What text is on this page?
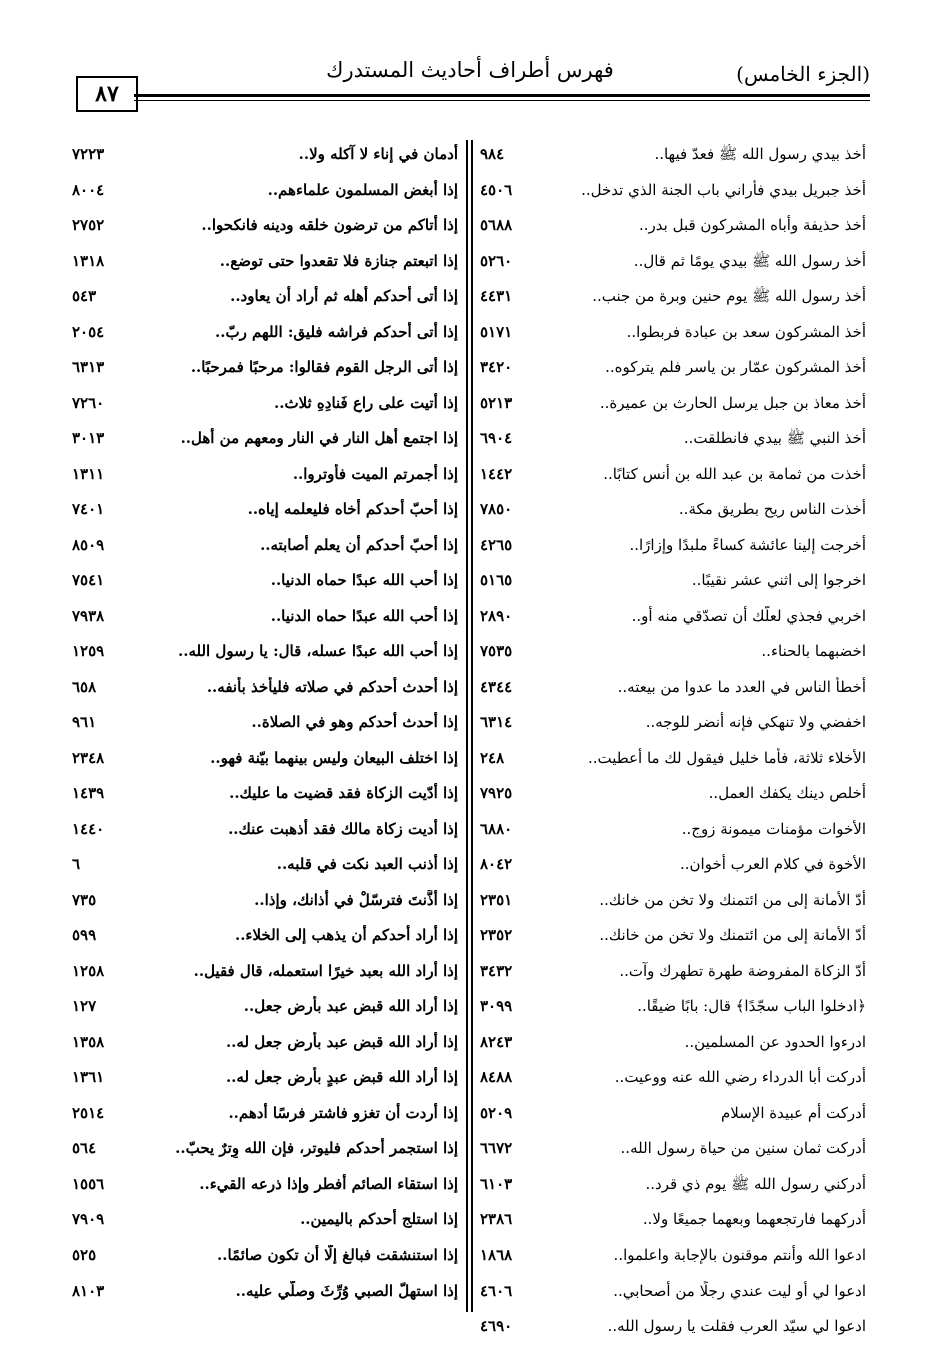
٨٧
فهرس أطراف أحاديث المستدرك	(الجزء الخامس)
أخذ بيدي رسول الله ﷺ فعدّ فيها..
٩٨٤
أخذ جبريل بيدي فأراني باب الجنة الذي تدخل..
٤٥٠٦
أخذ حذيفة وأباه المشركون قبل بدر..
٥٦٨٨
أخذ رسول الله ﷺ بيدي يومًا ثم قال..
٥٢٦٠
أخذ رسول الله ﷺ يوم حنين وبرة من جنب..
٤٤٣١
أخذ المشركون سعد بن عبادة فربطوا..
٥١٧١
أخذ المشركون عمّار بن ياسر فلم يتركوه..
٣٤٢٠
أخذ معاذ بن جبل يرسل الحارث بن عميرة..
٥٢١٣
أخذ النبي ﷺ بيدي فانطلقت..
٦٩٠٤
أخذت من ثمامة بن عبد الله بن أنس كتابًا..
١٤٤٢
أخذت الناس ريح بطريق مكة..
٧٨٥٠
أخرجت إلينا عائشة كساءً ملبدًا وإزارًا..
٤٢٦٥
اخرجوا إلى اثني عشر نقيبًا..
٥١٦٥
اخربي فجذي لعلّك أن تصدّقي منه أو..
٢٨٩٠
اخضبهما بالحناء..
٧٥٣٥
أخطأ الناس في العدد ما عدوا من بيعته..
٤٣٤٤
اخفضي ولا تنهكي فإنه أنضر للوجه..
٦٣١٤
الأخلاء ثلاثة، فأما خليل فيقول لك ما أعطيت..
٢٤٨
أخلص دينك يكفك العمل..
٧٩٢٥
الأخوات مؤمنات ميمونة زوج..
٦٨٨٠
الأخوة في كلام العرب أخوان..
٨٠٤٢
أدّ الأمانة إلى من ائتمنك ولا تخن من خانك..
٢٣٥١
أدّ الأمانة إلى من ائتمنك ولا تخن من خانك..
٢٣٥٢
أدّ الزكاة المفروضة طهرة تطهرك وآت..
٣٤٣٢
﴿ادخلوا الباب سجّدًا﴾ قال: بابًا ضيقًا..
٣٠٩٩
ادرءوا الحدود عن المسلمين..
٨٢٤٣
أدركت أبا الدرداء رضي الله عنه ووعيت..
٨٤٨٨
أدركت أم عبيدة الإسلام
٥٢٠٩
أدركت ثمان سنين من حياة رسول الله..
٦٦٧٢
أدركني رسول الله ﷺ يوم ذي قرد..
٦١٠٣
أدركهما فارتجعهما وبعهما جميعًا ولا..
٢٣٨٦
ادعوا الله وأنتم موقنون بالإجابة واعلموا..
١٨٦٨
ادعوا لي أو ليت عندي رجلًا من أصحابي..
٤٦٠٦
ادعوا لي سيّد العرب فقلت يا رسول الله..
٤٦٩٠
أدمان في إناء لا آكله ولا..
٧٢٢٣
إذا أبغض المسلمون علماءهم..
٨٠٠٤
إذا أتاكم من ترضون خلقه ودينه فانكحوا..
٢٧٥٢
إذا اتبعتم جنازة فلا تقعدوا حتى توضع..
١٣١٨
إذا أتى أحدكم أهله ثم أراد أن يعاود..
٥٤٣
إذا أتى أحدكم فراشه فليق: اللهم ربّ..
٢٠٥٤
إذا أتى الرجل القوم فقالوا: مرحبًا فمرحبًا..
٦٣١٣
إذا أتيت على راعٍ فَنادِهِ ثلاث..
٧٢٦٠
إذا اجتمع أهل النار في النار ومعهم من أهل..
٣٠١٣
إذا أجمرتم الميت فأوتروا..
١٣١١
إذا أحبّ أحدكم أخاه فليعلمه إياه..
٧٤٠١
إذا أحبّ أحدكم أن يعلم أصابته..
٨٥٠٩
إذا أحب الله عبدًا حماه الدنيا..
٧٥٤١
إذا أحب الله عبدًا حماه الدنيا..
٧٩٣٨
إذا أحب الله عبدًا عسله، قال: يا رسول الله..
١٢٥٩
إذا أحدث أحدكم في صلاته فليأخذ بأنفه..
٦٥٨
إذا أحدث أحدكم وهو في الصلاة..
٩٦١
إذا اختلف البيعان وليس بينهما بيّنة فهو..
٢٣٤٨
إذا أدّيت الزكاة فقد قضيت ما عليك..
١٤٣٩
إذا أديت زكاة مالك فقد أذهبت عنك..
١٤٤٠
إذا أذنب العبد نكت في قلبه..
٦
إذا أَذَّنتَ فترسّلْ في أذانك، وإذا..
٧٣٥
إذا أراد أحدكم أن يذهب إلى الخلاء..
٥٩٩
إذا أراد الله بعبد خيرًا استعمله، قال فقيل..
١٢٥٨
إذا أراد الله قبض عبد بأرض جعل..
١٢٧
إذا أراد الله قبض عبد بأرض جعل له..
١٣٥٨
إذا أراد الله قبض عبدٍ بأرض جعل له..
١٣٦١
إذا أردت أن تغزو فاشتر فرسًا أدهم..
٢٥١٤
إذا استجمر أحدكم فليوتر، فإن الله وِترٌ يحبّ..
٥٦٤
إذا استقاء الصائم أفطر وإذا ذرعه القيء..
١٥٥٦
إذا استلج أحدكم باليمين..
٧٩٠٩
إذا استنشقت فبالغ إلّا أن تكون صائمًا..
٥٢٥
إذا استهلّ الصبي وُرِّثَ وصلّي عليه..
٨١٠٣
